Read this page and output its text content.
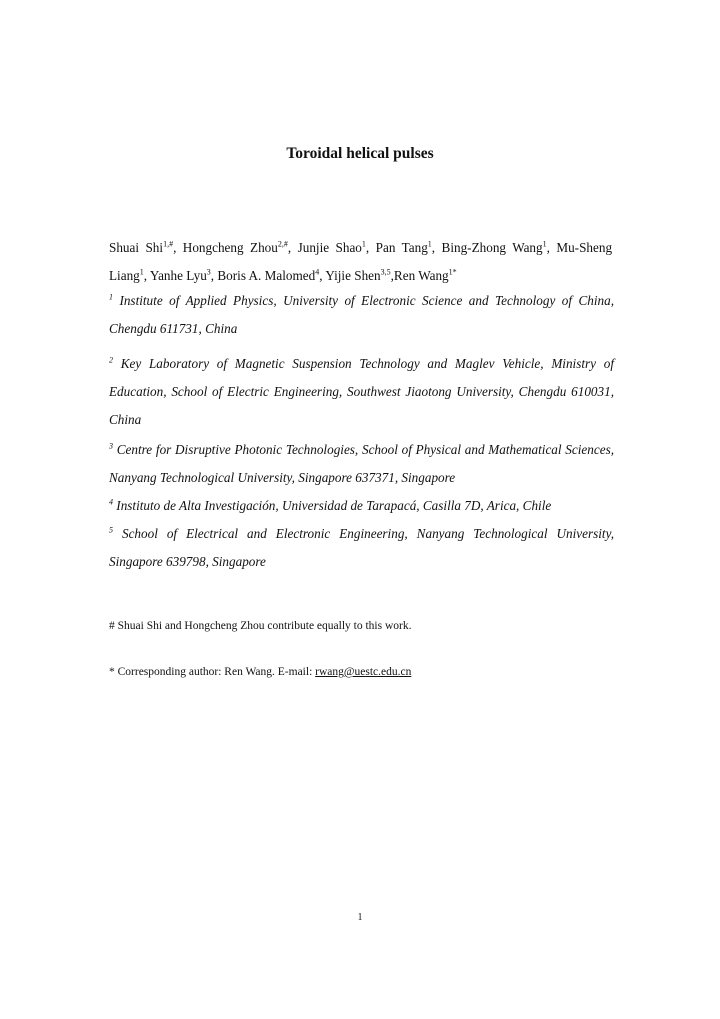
Toroidal helical pulses
Shuai Shi$^{1,\#}$, Hongcheng Zhou$^{2,\#}$, Junjie Shao$^1$, Pan Tang$^1$, Bing-Zhong Wang$^1$, Mu-Sheng Liang$^1$, Yanhe Lyu$^3$, Boris A. Malomed$^4$, Yijie Shen$^{3,5}$,Ren Wang$^{1*}$
$^1$ Institute of Applied Physics, University of Electronic Science and Technology of China, Chengdu 611731, China
$^2$ Key Laboratory of Magnetic Suspension Technology and Maglev Vehicle, Ministry of Education, School of Electric Engineering, Southwest Jiaotong University, Chengdu 610031, China
$^3$ Centre for Disruptive Photonic Technologies, School of Physical and Mathematical Sciences, Nanyang Technological University, Singapore 637371, Singapore
$^4$ Instituto de Alta Investigación, Universidad de Tarapacá, Casilla 7D, Arica, Chile
$^5$ School of Electrical and Electronic Engineering, Nanyang Technological University, Singapore 639798, Singapore
# Shuai Shi and Hongcheng Zhou contribute equally to this work.
* Corresponding author: Ren Wang. E-mail: rwang@uestc.edu.cn
1
